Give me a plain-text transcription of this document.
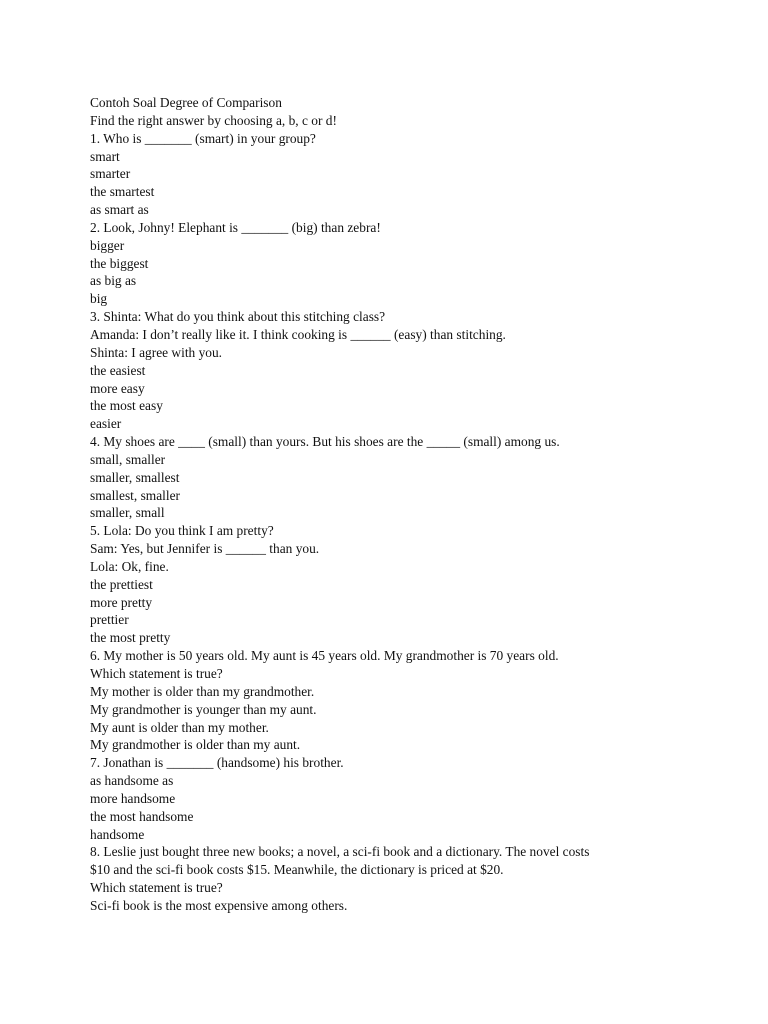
Contoh Soal Degree of Comparison

Find the right answer by choosing a, b, c or d!

1. Who is _______ (smart) in your group?

smart

smarter

the smartest

as smart as

2. Look, Johny! Elephant is _______ (big) than zebra!

bigger

the biggest

as big as

big

3. Shinta: What do you think about this stitching class?

Amanda: I don’t really like it. I think cooking is ______ (easy) than stitching.

Shinta: I agree with you.

the easiest

more easy

the most easy

easier

4. My shoes are ____ (small) than yours. But his shoes are the _____ (small) among us.

small, smaller

smaller, smallest

smallest, smaller

smaller, small

5. Lola: Do you think I am pretty?

Sam: Yes, but Jennifer is ______ than you.

Lola: Ok, fine.

the prettiest

more pretty

prettier

the most pretty

6. My mother is 50 years old. My aunt is 45 years old. My grandmother is 70 years old.

Which statement is true?

My mother is older than my grandmother.

My grandmother is younger than my aunt.

My aunt is older than my mother.

My grandmother is older than my aunt.

7. Jonathan is _______ (handsome) his brother.

as handsome as

more handsome

the most handsome

handsome

8. Leslie just bought three new books; a novel, a sci-fi book and a dictionary. The novel costs

$10 and the sci-fi book costs $15. Meanwhile, the dictionary is priced at $20.

Which statement is true?

Sci-fi book is the most expensive among others.
